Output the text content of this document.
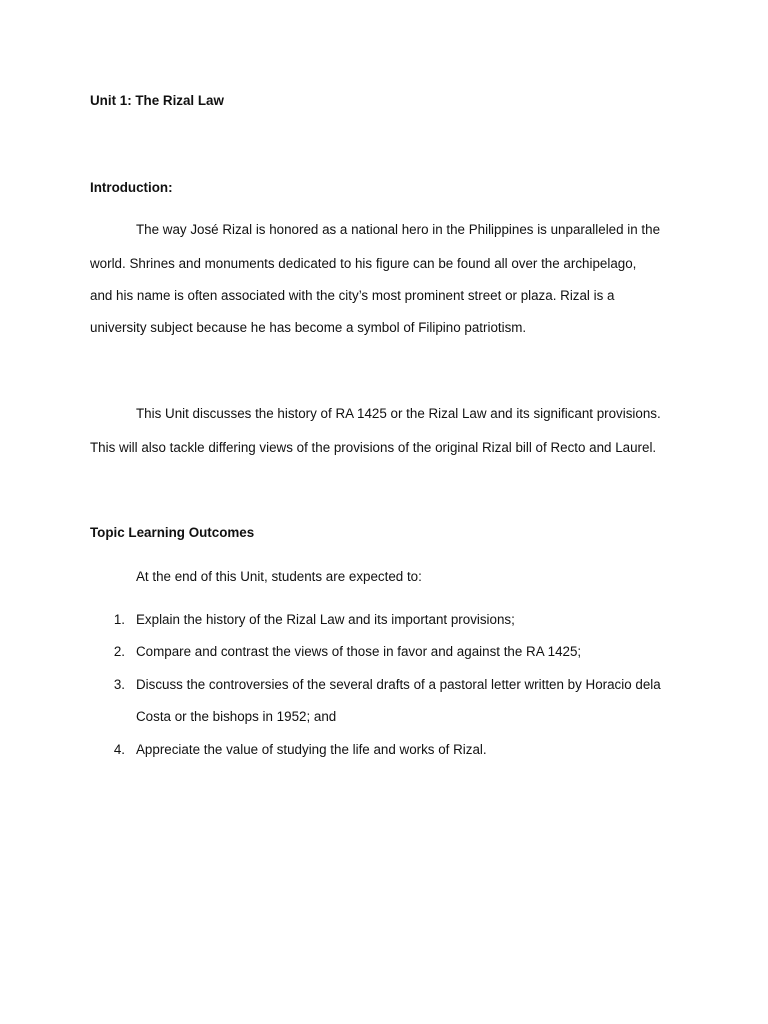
Unit 1: The Rizal Law
Introduction:
The way José Rizal is honored as a national hero in the Philippines is unparalleled in the
world. Shrines and monuments dedicated to his figure can be found all over the archipelago,
and his name is often associated with the city’s most prominent street or plaza. Rizal is a
university subject because he has become a symbol of Filipino patriotism.
This Unit discusses the history of RA 1425 or the Rizal Law and its significant provisions.
This will also tackle differing views of the provisions of the original Rizal bill of Recto and Laurel.
Topic Learning Outcomes
At the end of this Unit, students are expected to:
1. Explain the history of the Rizal Law and its important provisions;
2. Compare and contrast the views of those in favor and against the RA 1425;
3. Discuss the controversies of the several drafts of a pastoral letter written by Horacio dela
Costa or the bishops in 1952; and
4. Appreciate the value of studying the life and works of Rizal.
